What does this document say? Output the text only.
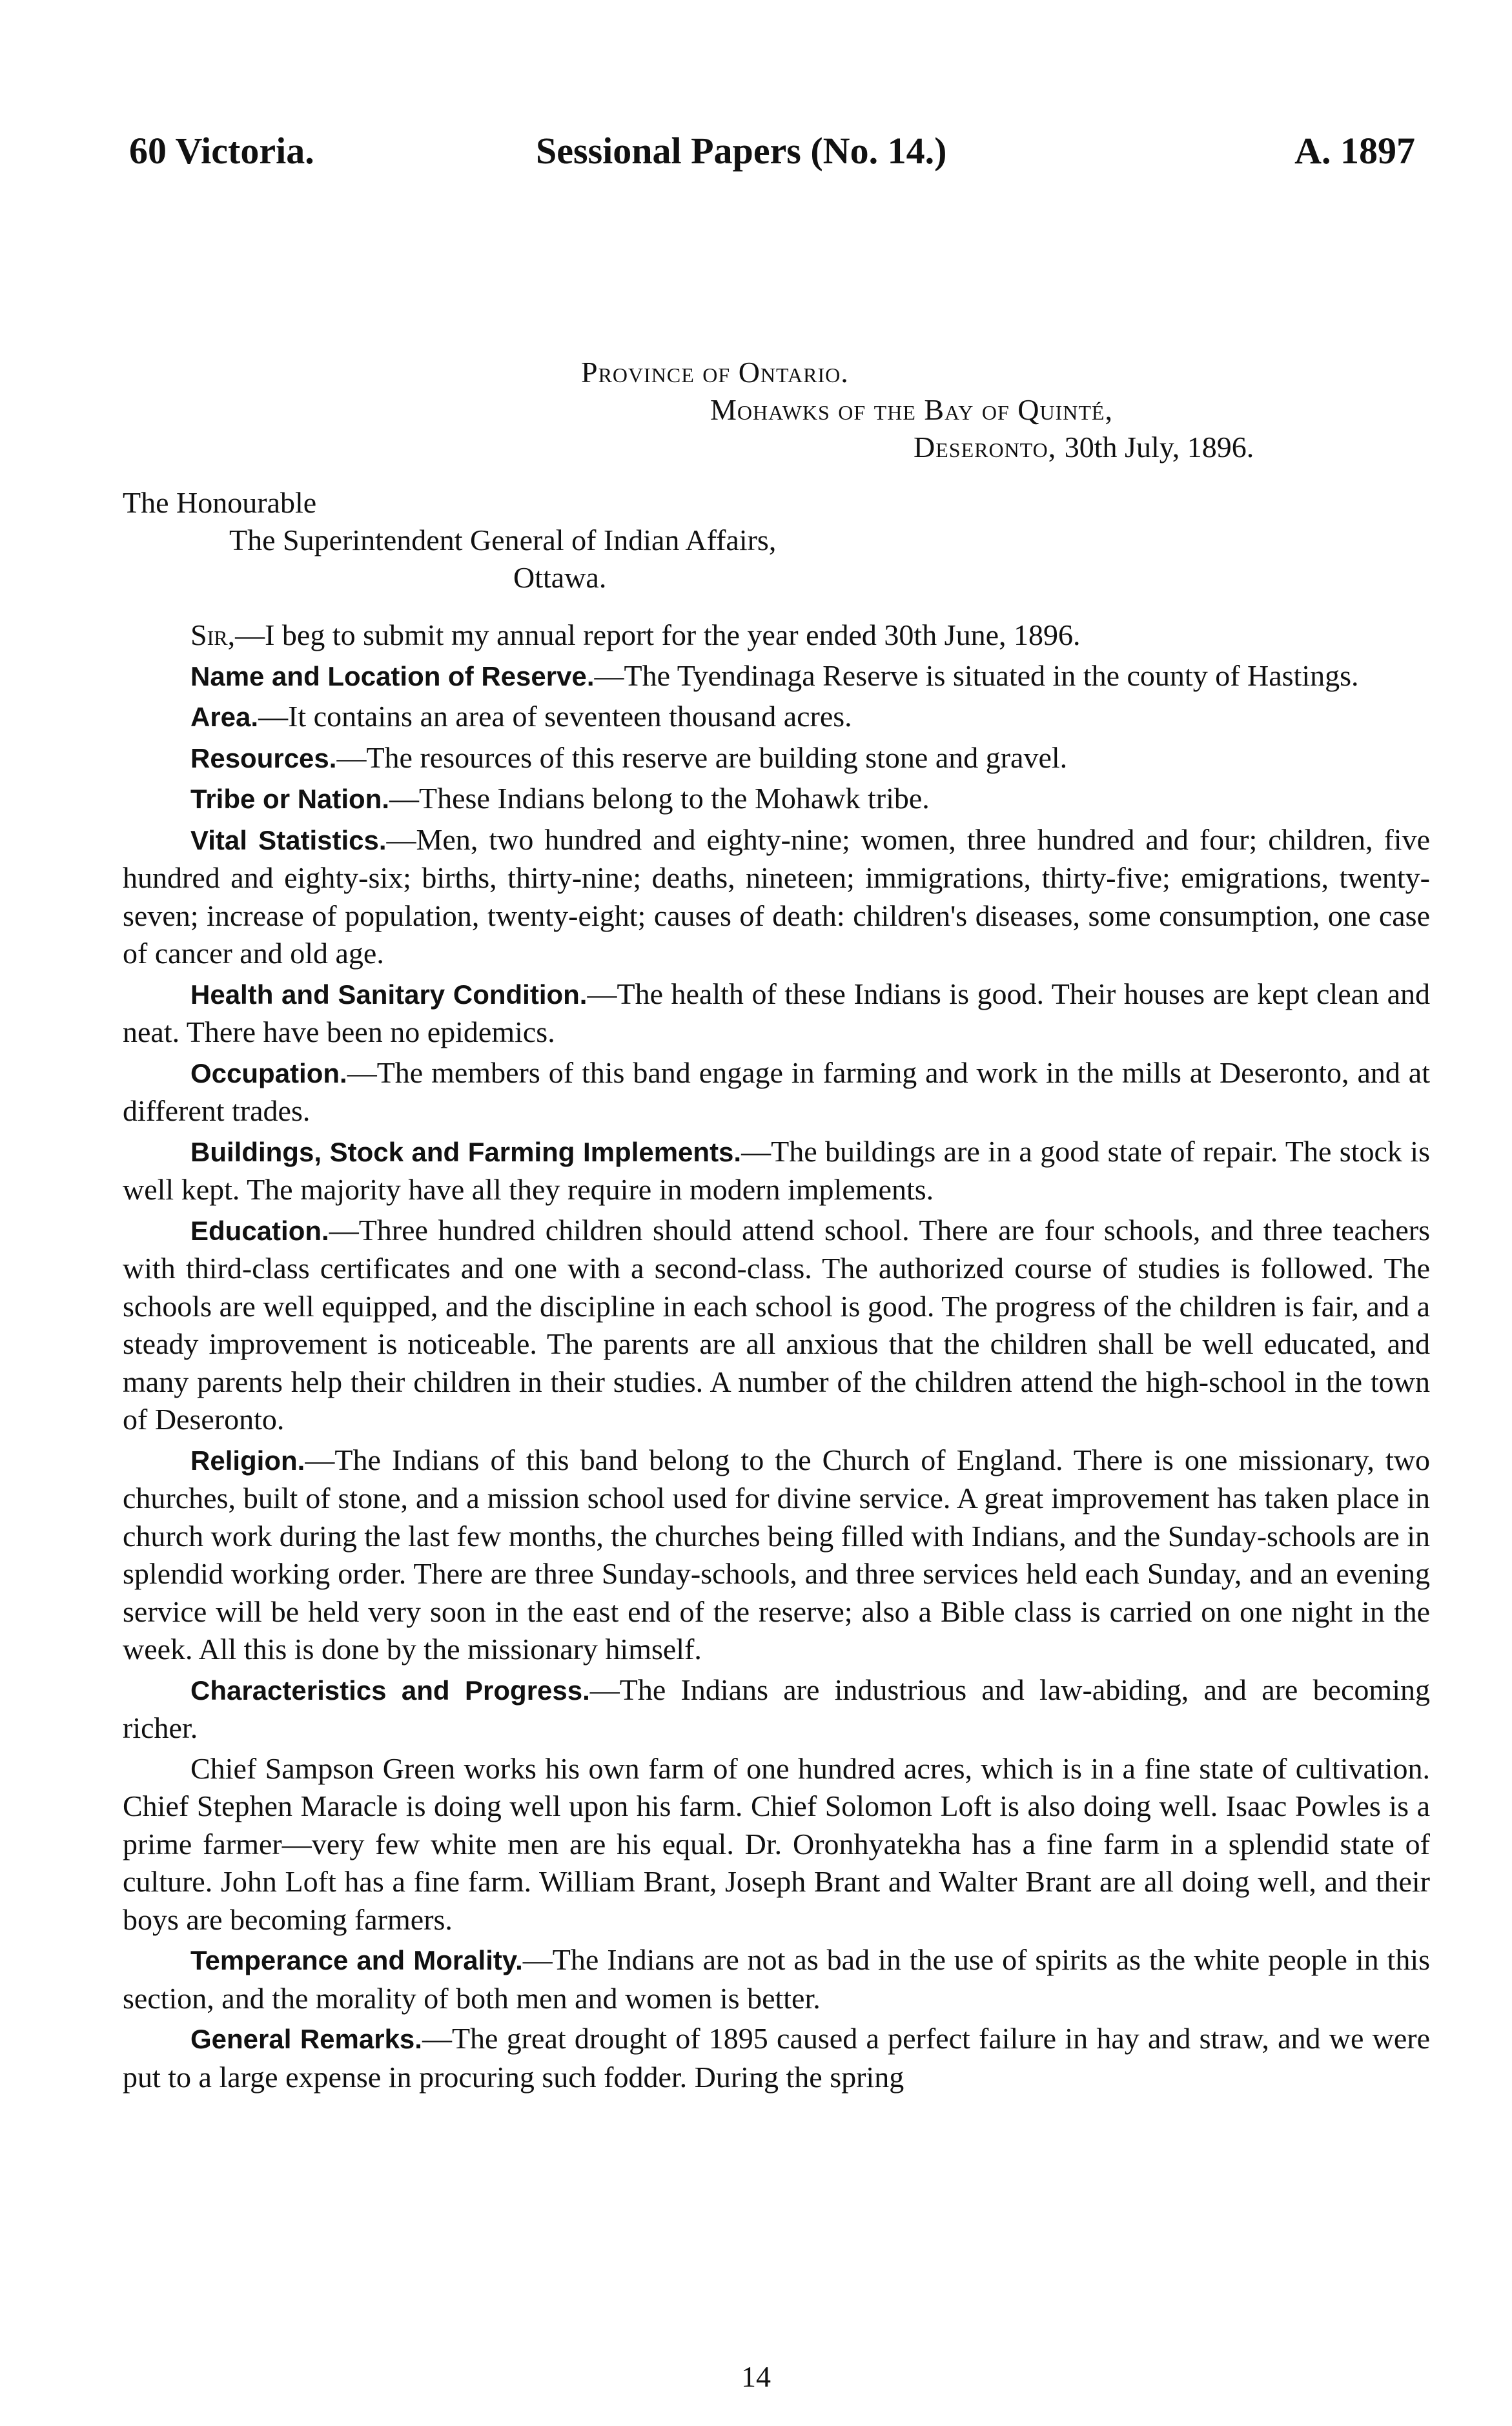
60 Victoria.	Sessional Papers (No. 14.)	A. 1897
Province of Ontario.
Mohawks of the Bay of Quinté,
Deseronto, 30th July, 1896.
The Honourable
The Superintendent General of Indian Affairs,
Ottawa.

Sir,—I beg to submit my annual report for the year ended 30th June, 1896.

Name and Location of Reserve.—The Tyendinaga Reserve is situated in the county of Hastings.

Area.—It contains an area of seventeen thousand acres.

Resources.—The resources of this reserve are building stone and gravel.

Tribe or Nation.—These Indians belong to the Mohawk tribe.

Vital Statistics.—Men, two hundred and eighty-nine; women, three hundred and four; children, five hundred and eighty-six; births, thirty-nine; deaths, nineteen; immigrations, thirty-five; emigrations, twenty-seven; increase of population, twenty-eight; causes of death: children's diseases, some consumption, one case of cancer and old age.

Health and Sanitary Condition.—The health of these Indians is good. Their houses are kept clean and neat. There have been no epidemics.

Occupation.—The members of this band engage in farming and work in the mills at Deseronto, and at different trades.

Buildings, Stock and Farming Implements.—The buildings are in a good state of repair. The stock is well kept. The majority have all they require in modern implements.

Education.—Three hundred children should attend school. There are four schools, and three teachers with third-class certificates and one with a second-class. The authorized course of studies is followed. The schools are well equipped, and the discipline in each school is good. The progress of the children is fair, and a steady improvement is noticeable. The parents are all anxious that the children shall be well educated, and many parents help their children in their studies. A number of the children attend the high-school in the town of Deseronto.

Religion.—The Indians of this band belong to the Church of England. There is one missionary, two churches, built of stone, and a mission school used for divine service. A great improvement has taken place in church work during the last few months, the churches being filled with Indians, and the Sunday-schools are in splendid working order. There are three Sunday-schools, and three services held each Sunday, and an evening service will be held very soon in the east end of the reserve; also a Bible class is carried on one night in the week. All this is done by the missionary himself.

Characteristics and Progress.—The Indians are industrious and law-abiding, and are becoming richer.

Chief Sampson Green works his own farm of one hundred acres, which is in a fine state of cultivation. Chief Stephen Maracle is doing well upon his farm. Chief Solomon Loft is also doing well. Isaac Powles is a prime farmer—very few white men are his equal. Dr. Oronhyatekha has a fine farm in a splendid state of culture. John Loft has a fine farm. William Brant, Joseph Brant and Walter Brant are all doing well, and their boys are becoming farmers.

Temperance and Morality.—The Indians are not as bad in the use of spirits as the white people in this section, and the morality of both men and women is better.

General Remarks.—The great drought of 1895 caused a perfect failure in hay and straw, and we were put to a large expense in procuring such fodder. During the spring

14
